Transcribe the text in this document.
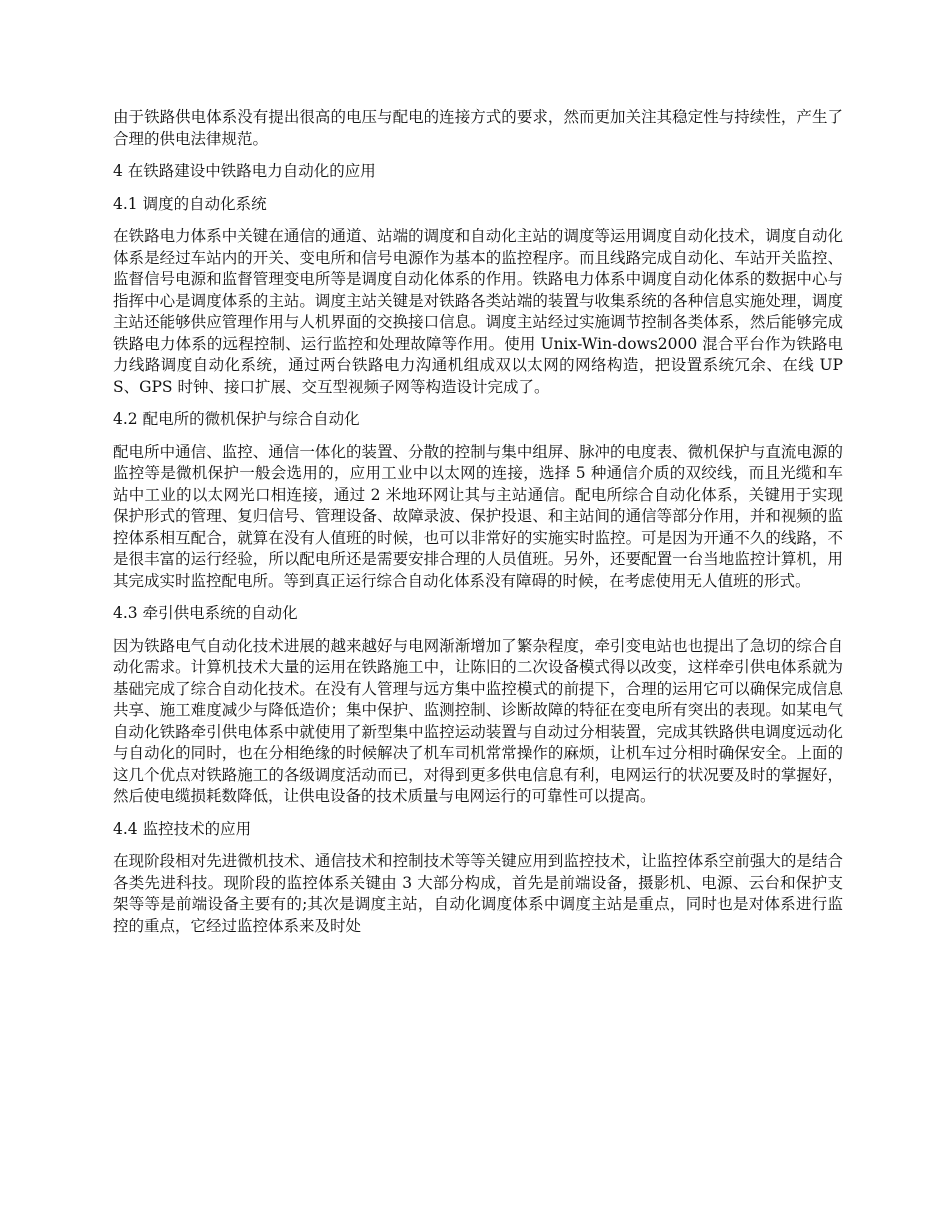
由于铁路供电体系没有提出很高的电压与配电的连接方式的要求，然而更加关注其稳定性与持续性，产生了合理的供电法律规范。

4 在铁路建设中铁路电力自动化的应用

4.1 调度的自动化系统

在铁路电力体系中关键在通信的通道、站端的调度和自动化主站的调度等运用调度自动化技术，调度自动化体系是经过车站内的开关、变电所和信号电源作为基本的监控程序。而且线路完成自动化、车站开关监控、监督信号电源和监督管理变电所等是调度自动化体系的作用。铁路电力体系中调度自动化体系的数据中心与指挥中心是调度体系的主站。调度主站关键是对铁路各类站端的装置与收集系统的各种信息实施处理，调度主站还能够供应管理作用与人机界面的交换接口信息。调度主站经过实施调节控制各类体系，然后能够完成铁路电力体系的远程控制、运行监控和处理故障等作用。使用 Unix-Win-dows2000 混合平台作为铁路电力线路调度自动化系统，通过两台铁路电力沟通机组成双以太网的网络构造，把设置系统冗余、在线 UPS、GPS 时钟、接口扩展、交互型视频子网等构造设计完成了。

4.2 配电所的微机保护与综合自动化

配电所中通信、监控、通信一体化的装置、分散的控制与集中组屏、脉冲的电度表、微机保护与直流电源的监控等是微机保护一般会选用的，应用工业中以太网的连接，选择 5 种通信介质的双绞线，而且光缆和车站中工业的以太网光口相连接，通过 2 米地环网让其与主站通信。配电所综合自动化体系，关键用于实现保护形式的管理、复归信号、管理设备、故障录波、保护投退、和主站间的通信等部分作用，并和视频的监控体系相互配合，就算在没有人值班的时候，也可以非常好的实施实时监控。可是因为开通不久的线路，不是很丰富的运行经验，所以配电所还是需要安排合理的人员值班。另外，还要配置一台当地监控计算机，用其完成实时监控配电所。等到真正运行综合自动化体系没有障碍的时候，在考虑使用无人值班的形式。

4.3 牵引供电系统的自动化

因为铁路电气自动化技术进展的越来越好与电网渐渐增加了繁杂程度，牵引变电站也也提出了急切的综合自动化需求。计算机技术大量的运用在铁路施工中，让陈旧的二次设备模式得以改变，这样牵引供电体系就为基础完成了综合自动化技术。在没有人管理与远方集中监控模式的前提下，合理的运用它可以确保完成信息共享、施工难度减少与降低造价；集中保护、监测控制、诊断故障的特征在变电所有突出的表现。如某电气自动化铁路牵引供电体系中就使用了新型集中监控运动装置与自动过分相装置，完成其铁路供电调度远动化与自动化的同时，也在分相绝缘的时候解决了机车司机常常操作的麻烦，让机车过分相时确保安全。上面的这几个优点对铁路施工的各级调度活动而已，对得到更多供电信息有利，电网运行的状况要及时的掌握好，然后使电缆损耗数降低，让供电设备的技术质量与电网运行的可靠性可以提高。

4.4 监控技术的应用

在现阶段相对先进微机技术、通信技术和控制技术等等关键应用到监控技术，让监控体系空前强大的是结合各类先进科技。现阶段的监控体系关键由 3 大部分构成，首先是前端设备，摄影机、电源、云台和保护支架等等是前端设备主要有的;其次是调度主站，自动化调度体系中调度主站是重点，同时也是对体系进行监控的重点，它经过监控体系来及时处
